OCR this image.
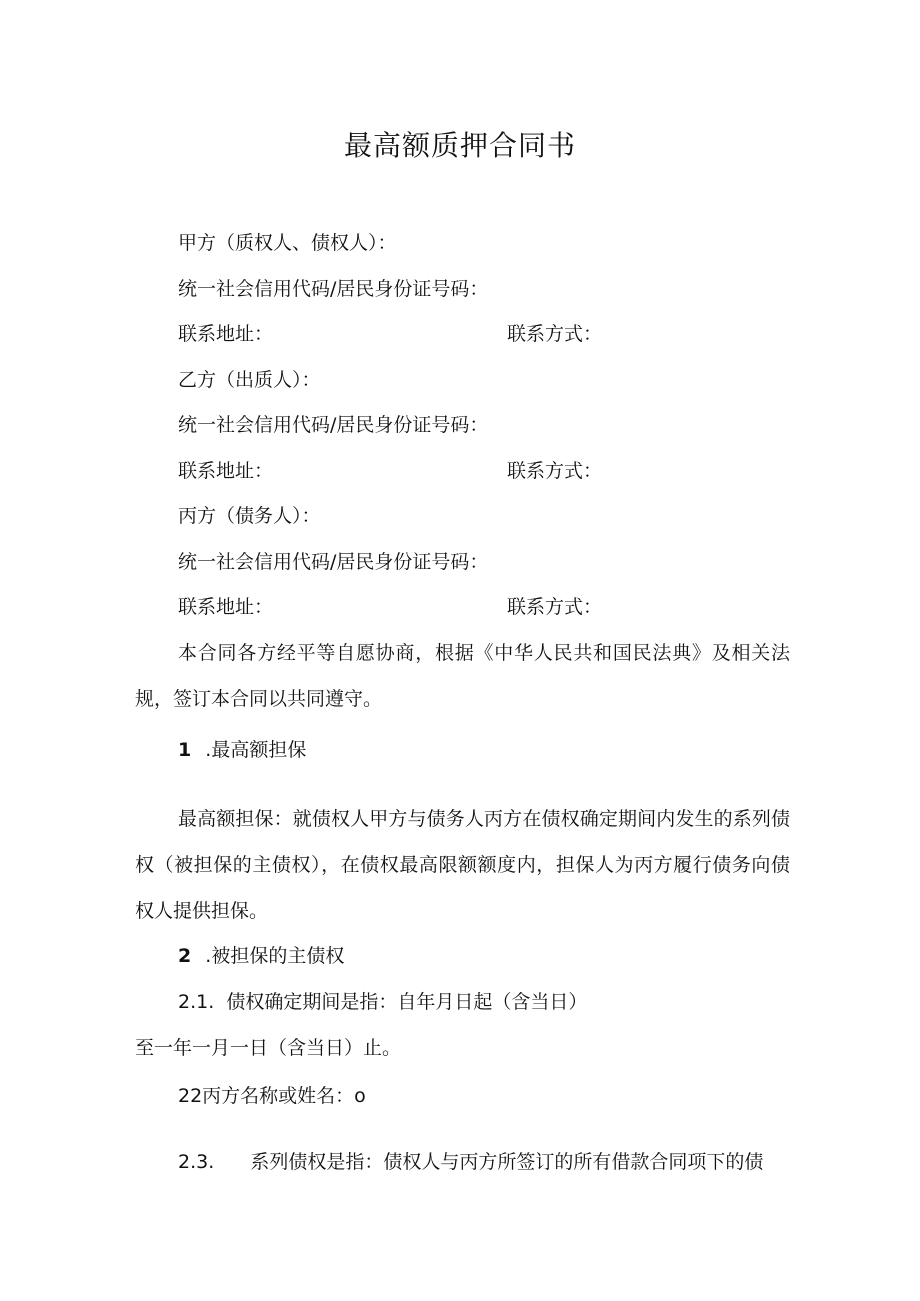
最高额质押合同书
甲方（质权人、债权人）：
统一社会信用代码/居民身份证号码：
联系地址：	联系方式：
乙方（出质人）：
统一社会信用代码/居民身份证号码：
联系地址：	联系方式：
丙方（债务人）：
统一社会信用代码/居民身份证号码：
联系地址：	联系方式：

本合同各方经平等自愿协商，根据《中华人民共和国民法典》及相关法规，签订本合同以共同遵守。

1 .最高额担保

最高额担保：就债权人甲方与债务人丙方在债权确定期间内发生的系列债权（被担保的主债权），在债权最高限额额度内，担保人为丙方履行债务向债权人提供担保。

2 .被担保的主债权
2.1. 债权确定期间是指：自年月日起（含当日）
至一年一月一日（含当日）止。
22丙方名称或姓名：o
2.3. 系列债权是指：债权人与丙方所签订的所有借款合同项下的债
